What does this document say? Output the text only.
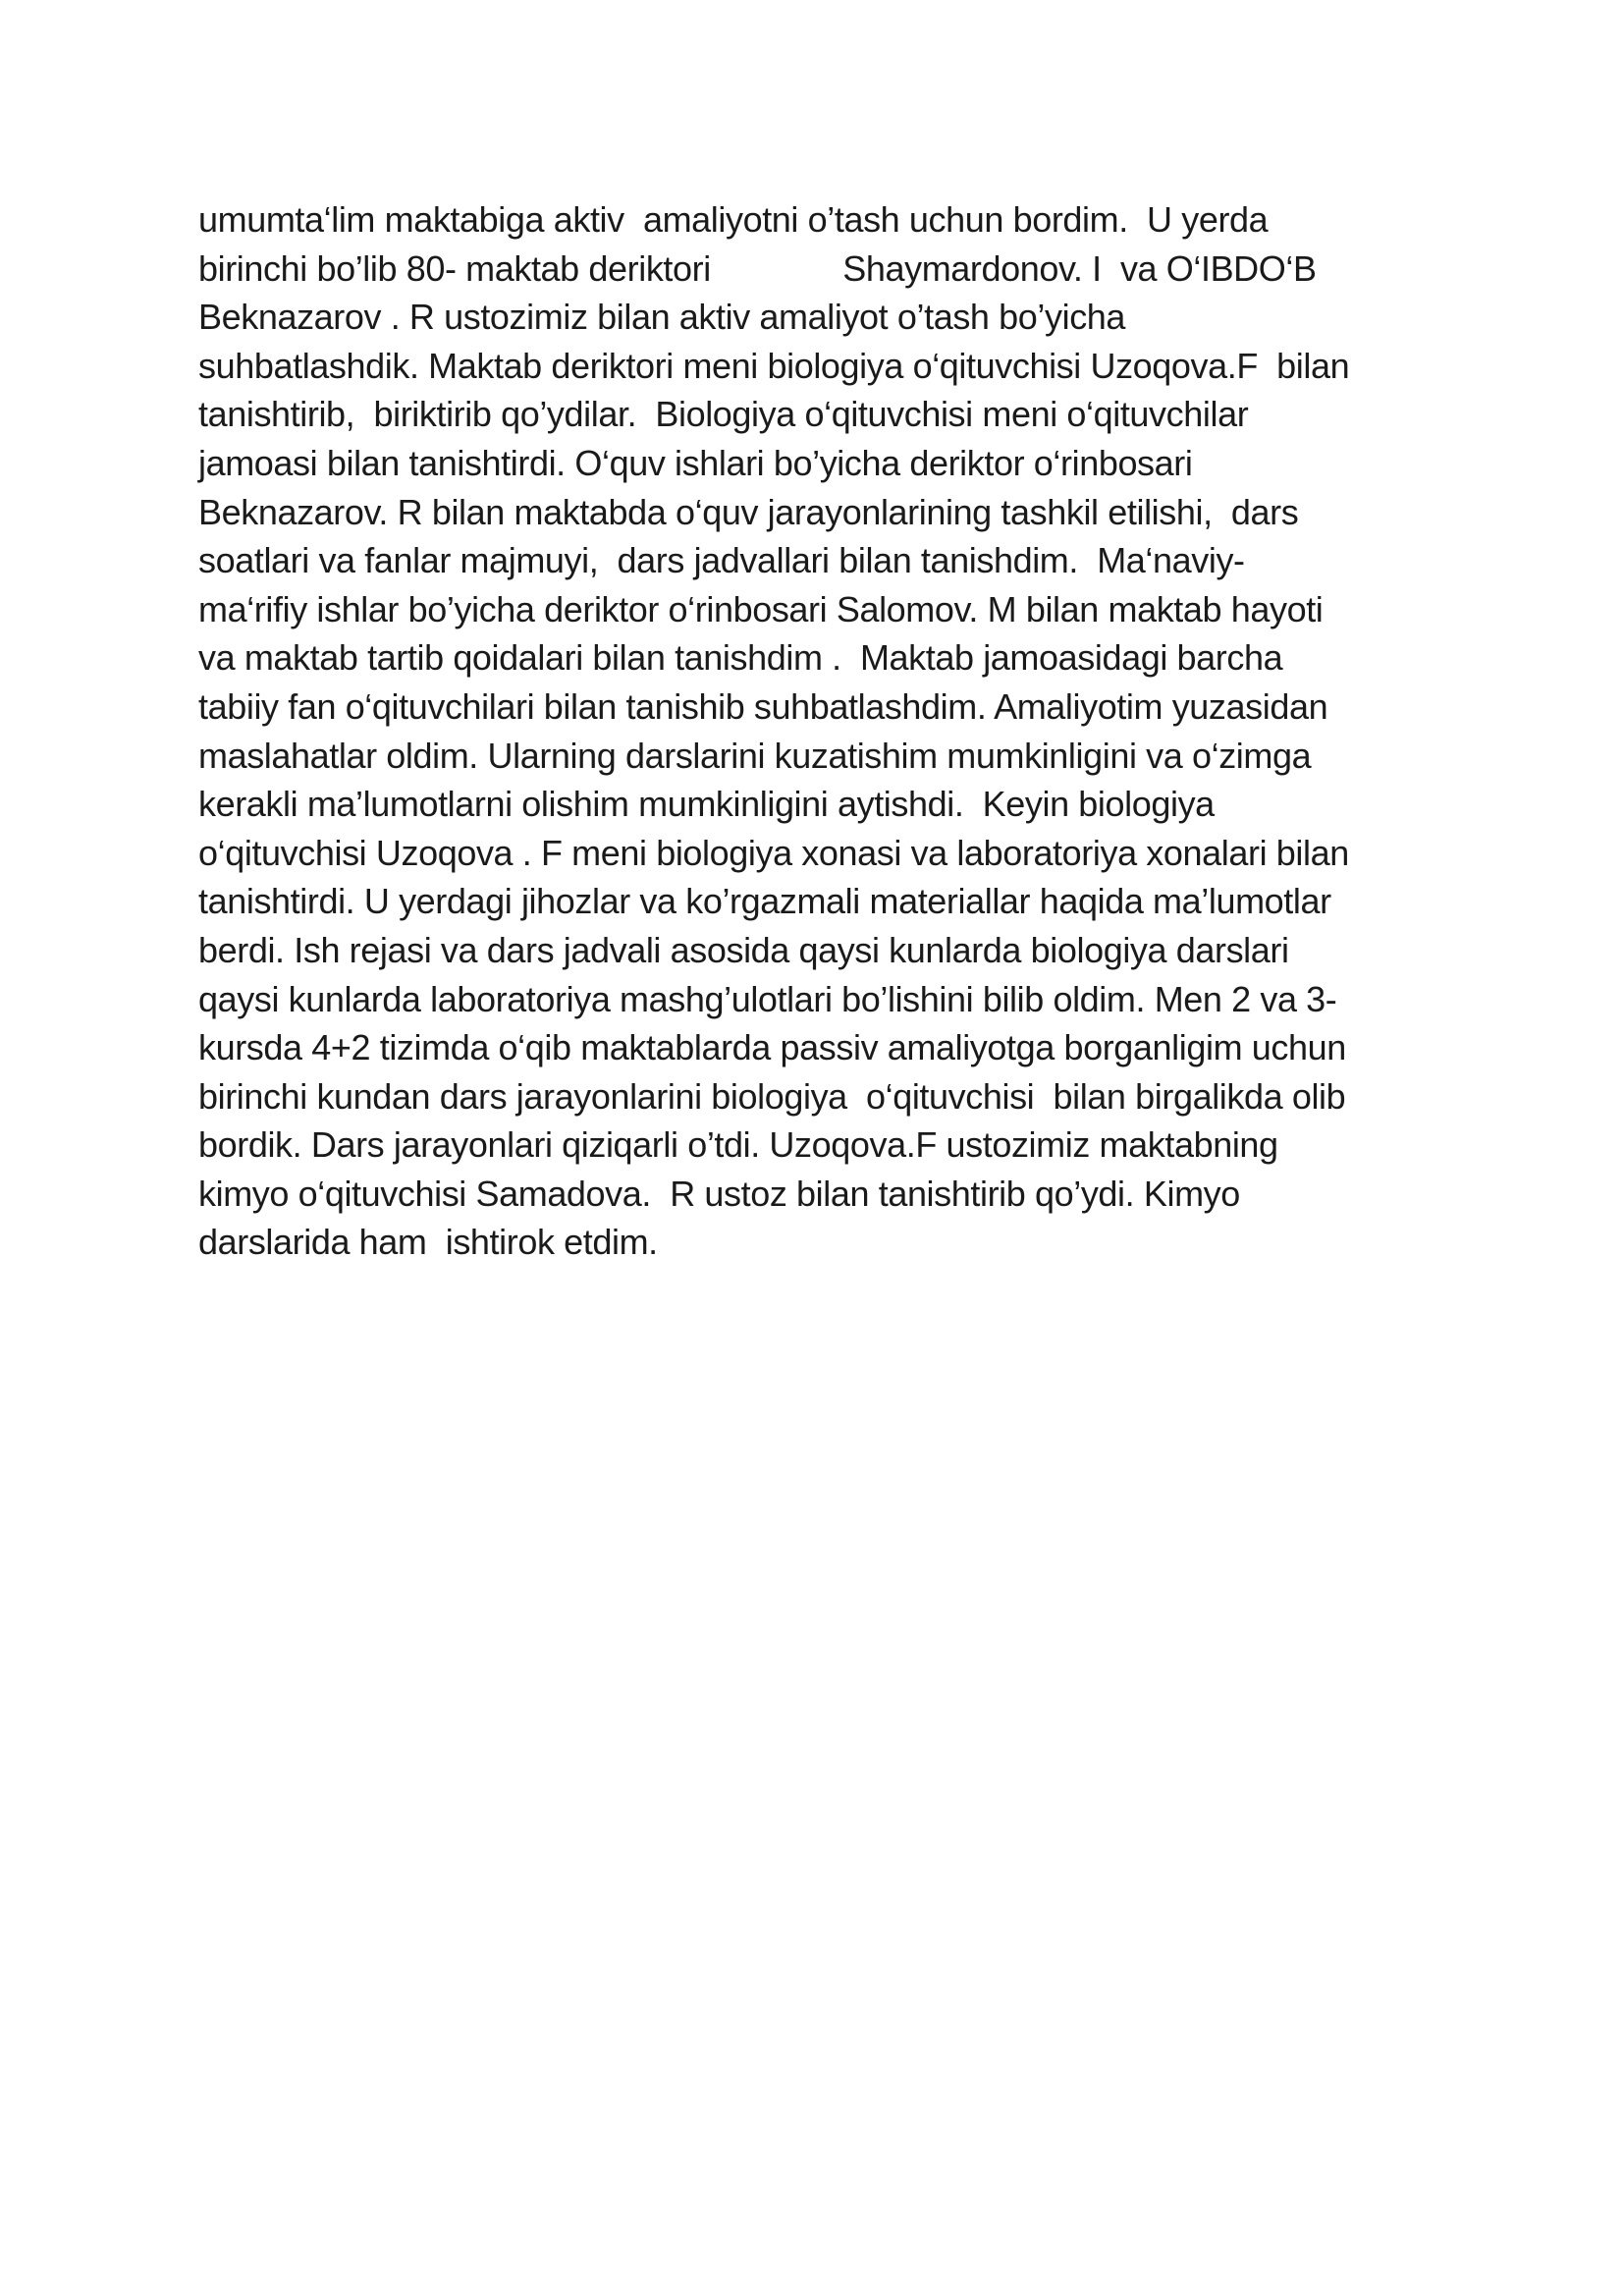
umumta‘lim maktabiga aktiv  amaliyotni o’tash uchun bordim.  U yerda
birinchi bo’lib 80- maktab deriktori              Shaymardonov. I  va O‘IBDO‘B
Beknazarov . R ustozimiz bilan aktiv amaliyot o’tash bo’yicha
suhbatlashdik. Maktab deriktori meni biologiya o‘qituvchisi Uzoqova.F  bilan
tanishtirib,  biriktirib qo’ydilar.  Biologiya o‘qituvchisi meni o‘qituvchilar
jamoasi bilan tanishtirdi. O‘quv ishlari bo’yicha deriktor o‘rinbosari
Beknazarov. R bilan maktabda o‘quv jarayonlarining tashkil etilishi,  dars
soatlari va fanlar majmuyi,  dars jadvallari bilan tanishdim.  Ma‘naviy-
ma‘rifiy ishlar bo’yicha deriktor o‘rinbosari Salomov. M bilan maktab hayoti
va maktab tartib qoidalari bilan tanishdim .  Maktab jamoasidagi barcha
tabiiy fan o‘qituvchilari bilan tanishib suhbatlashdim. Amaliyotim yuzasidan
maslahatlar oldim. Ularning darslarini kuzatishim mumkinligini va o‘zimga
kerakli ma’lumotlarni olishim mumkinligini aytishdi.  Keyin biologiya
o‘qituvchisi Uzoqova . F meni biologiya xonasi va laboratoriya xonalari bilan
tanishtirdi. U yerdagi jihozlar va ko’rgazmali materiallar haqida ma’lumotlar
berdi. Ish rejasi va dars jadvali asosida qaysi kunlarda biologiya darslari
qaysi kunlarda laboratoriya mashg’ulotlari bo’lishini bilib oldim. Men 2 va 3-
kursda 4+2 tizimda o‘qib maktablarda passiv amaliyotga borganligim uchun
birinchi kundan dars jarayonlarini biologiya  o‘qituvchisi  bilan birgalikda olib
bordik. Dars jarayonlari qiziqarli o’tdi. Uzoqova.F ustozimiz maktabning
kimyo o‘qituvchisi Samadova.  R ustoz bilan tanishtirib qo’ydi. Kimyo
darslarida ham  ishtirok etdim.
